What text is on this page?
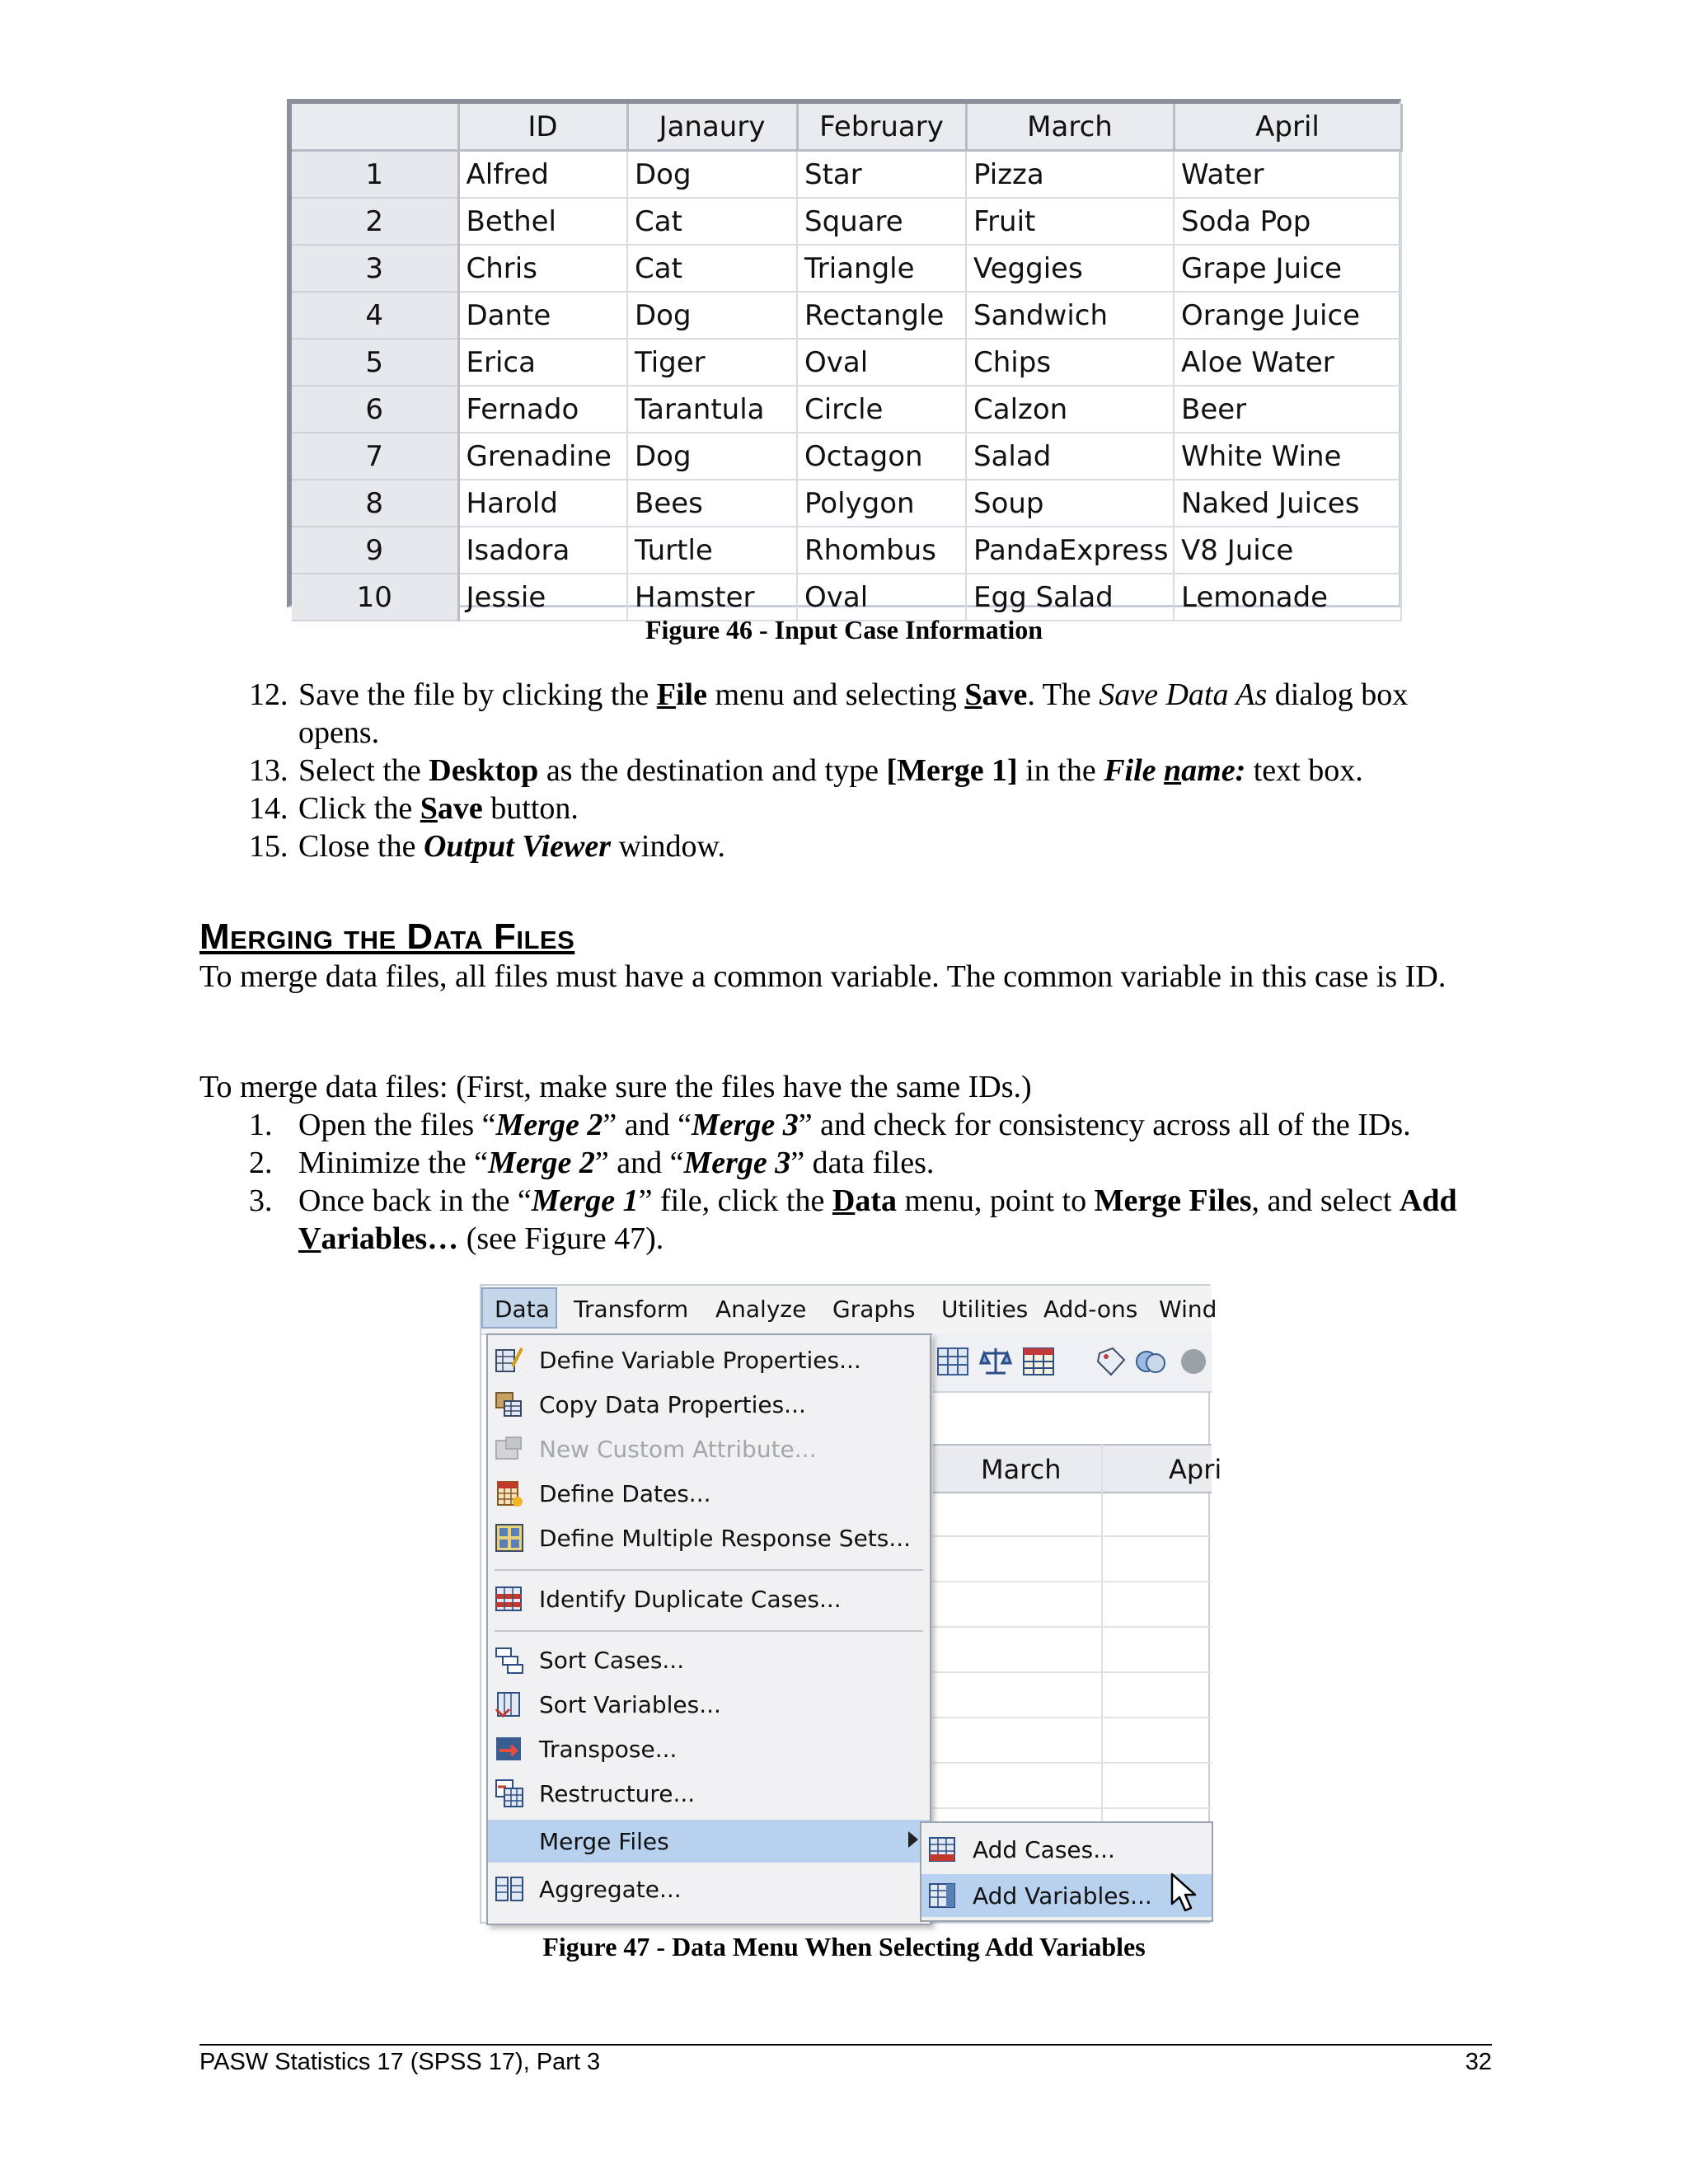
	ID	Janaury	February	March	April
1	Alfred	Dog	Star	Pizza	Water
2	Bethel	Cat	Square	Fruit	Soda Pop
3	Chris	Cat	Triangle	Veggies	Grape Juice
4	Dante	Dog	Rectangle	Sandwich	Orange Juice
5	Erica	Tiger	Oval	Chips	Aloe Water
6	Fernado	Tarantula	Circle	Calzon	Beer
7	Grenadine	Dog	Octagon	Salad	White Wine
8	Harold	Bees	Polygon	Soup	Naked Juices
9	Isadora	Turtle	Rhombus	PandaExpress	V8 Juice
10	Jessie	Hamster	Oval	Egg Salad	Lemonade
Figure 46 - Input Case Information
12. Save the file by clicking the File menu and selecting Save. The Save Data As dialog box opens.
13. Select the Desktop as the destination and type [Merge 1] in the File name: text box.
14. Click the Save button.
15. Close the Output Viewer window.
Merging the Data Files

To merge data files, all files must have a common variable. The common variable in this case is ID.

To merge data files: (First, make sure the files have the same IDs.)

1. Open the files “Merge 2” and “Merge 3” and check for consistency across all of the IDs.
2. Minimize the “Merge 2” and “Merge 3” data files.
3. Once back in the “Merge 1” file, click the Data menu, point to Merge Files, and select Add Variables… (see Figure 47).
Data Transform Analyze Graphs Utilities Add-ons Wind
March	Apri
Define Variable Properties...
Copy Data Properties...
New Custom Attribute...
Define Dates...
Define Multiple Response Sets...
Identify Duplicate Cases...
Sort Cases...
Sort Variables...
Transpose...
Restructure...
Merge Files
Aggregate...
Add Cases...
Add Variables...
Figure 47 - Data Menu When Selecting Add Variables
PASW Statistics 17 (SPSS 17), Part 3	32
